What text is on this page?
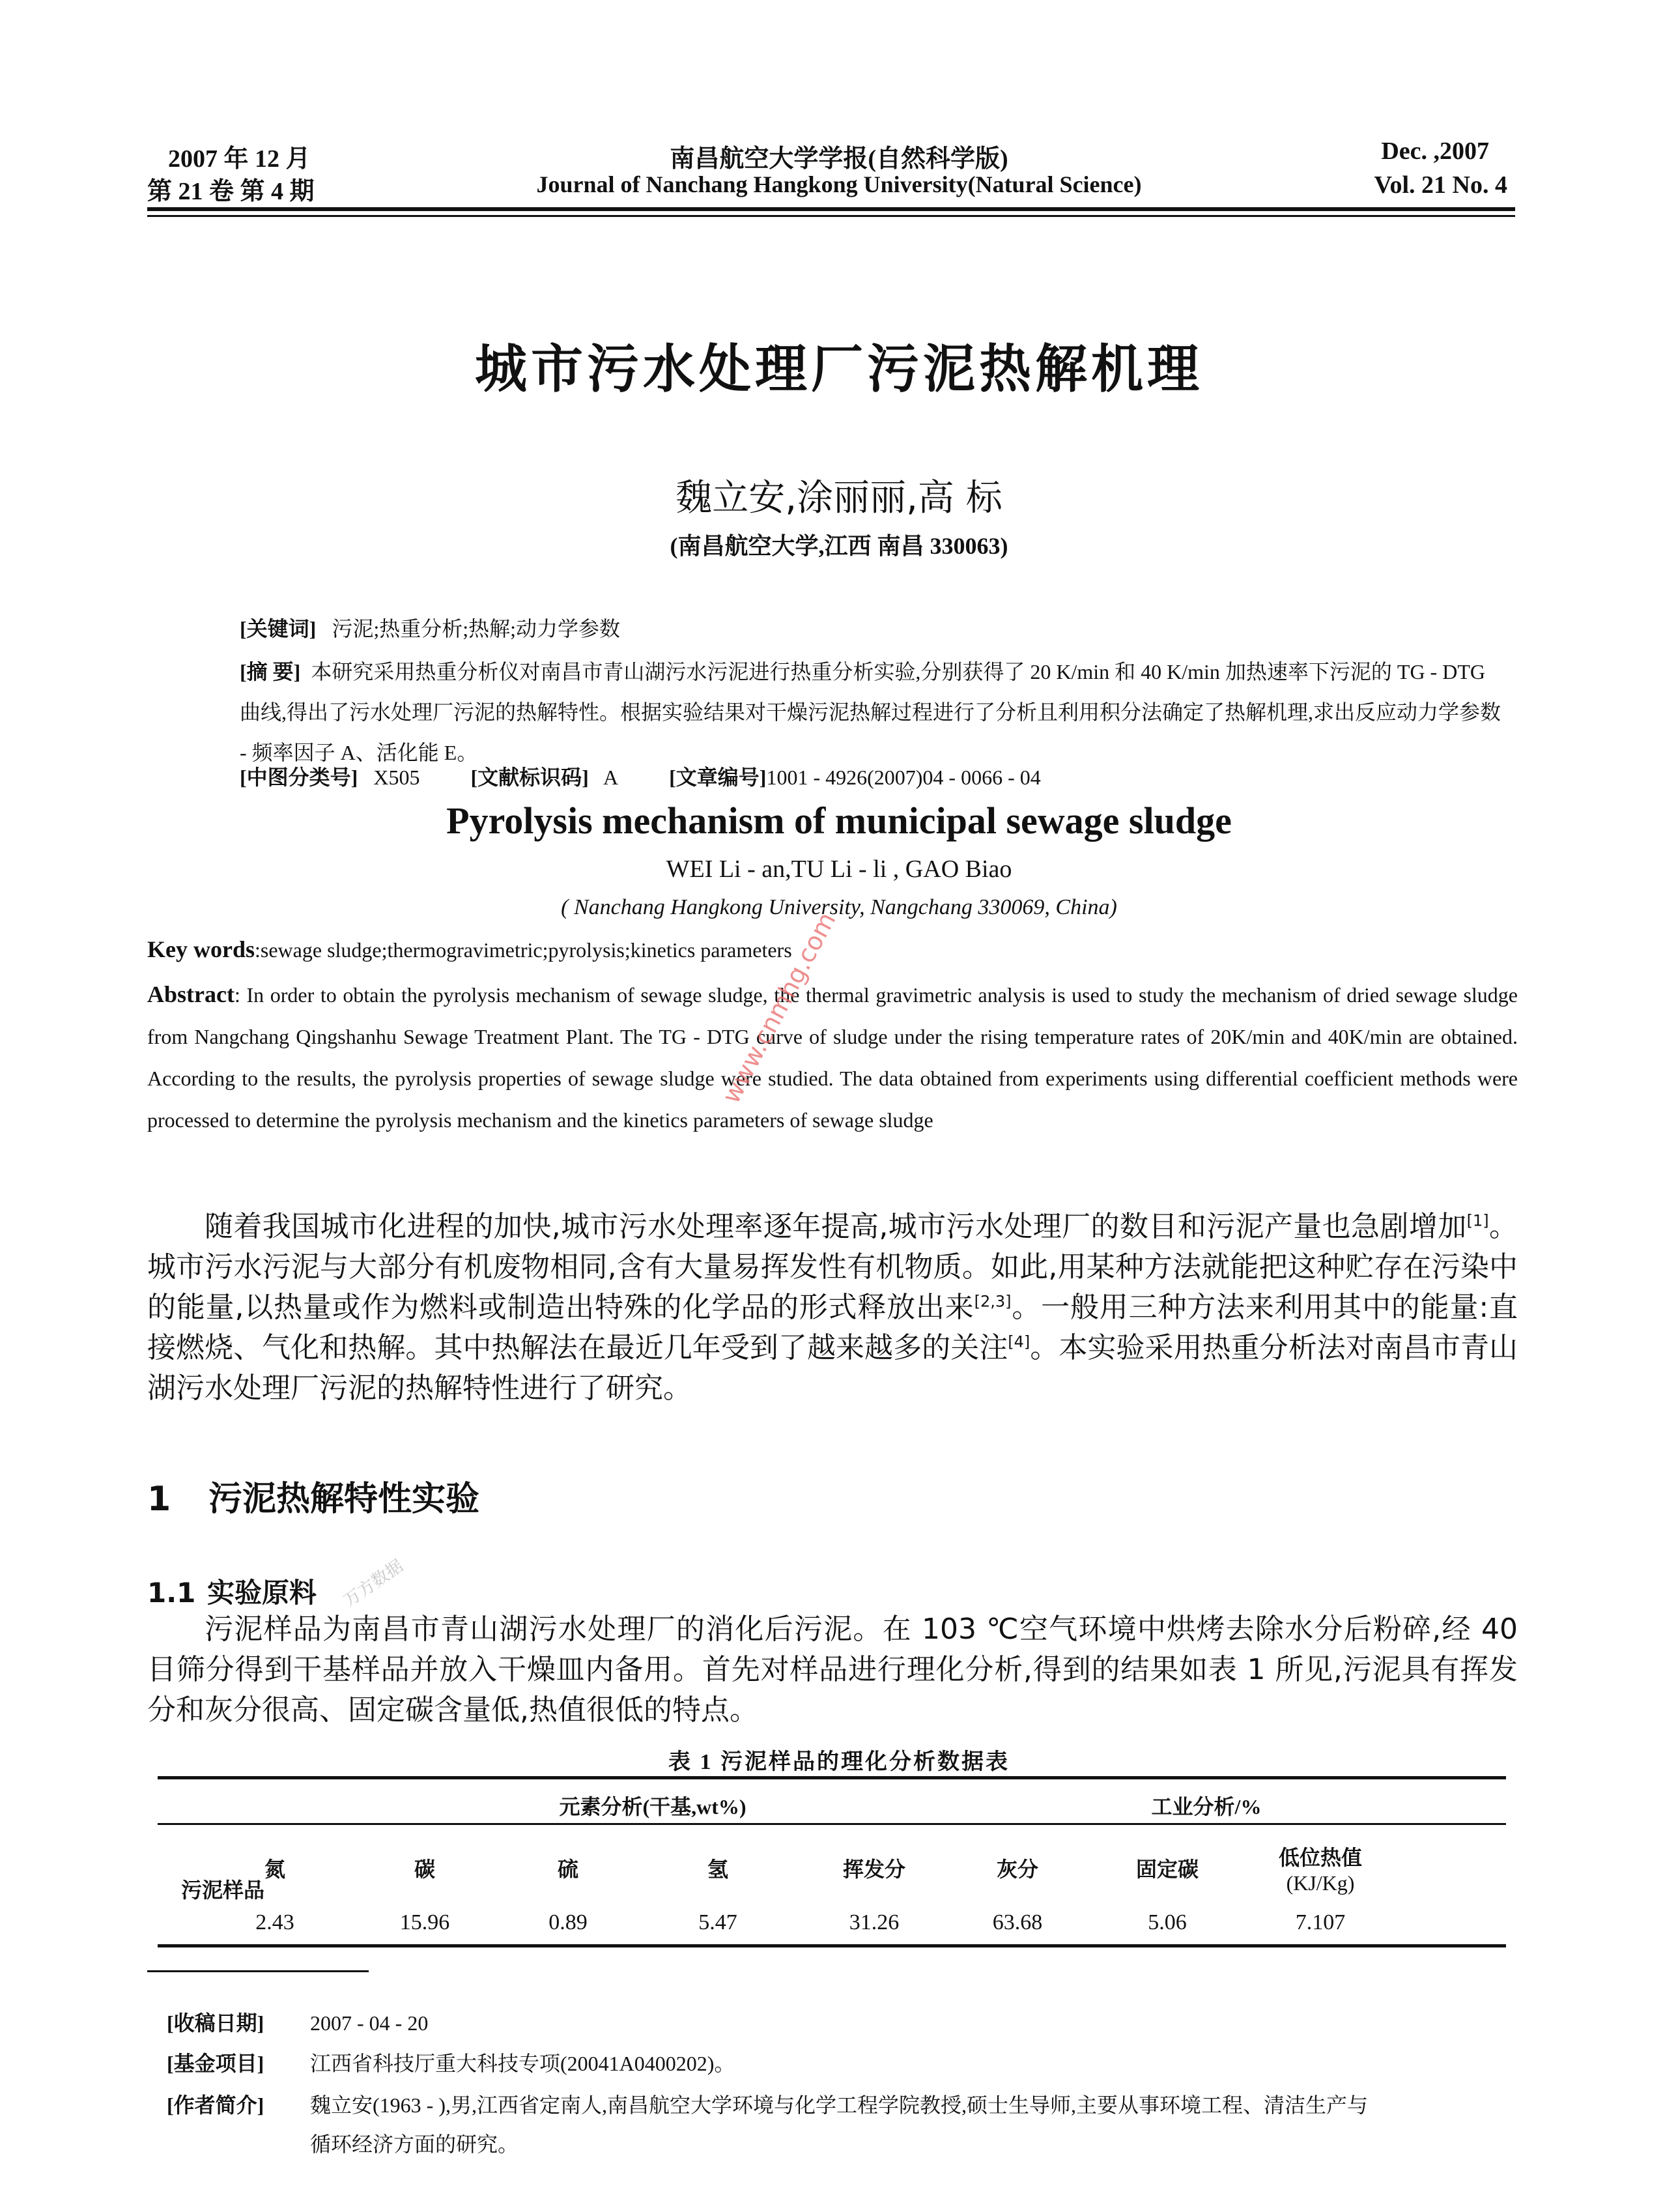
2007 年 12 月
第 21 卷 第 4 期
南昌航空大学学报(自然科学版)
Journal of Nanchang Hangkong University(Natural Science)
Dec. ,2007
Vol. 21 No. 4
城市污水处理厂污泥热解机理
魏立安,涂丽丽,高 标
(南昌航空大学,江西 南昌 330063)
[关键词] 污泥;热重分析;热解;动力学参数
[摘 要] 本研究采用热重分析仪对南昌市青山湖污水污泥进行热重分析实验,分别获得了 20 K/min 和 40 K/min 加热速率下污泥的 TG - DTG 曲线,得出了污水处理厂污泥的热解特性。根据实验结果对干燥污泥热解过程进行了分析且利用积分法确定了热解机理,求出反应动力学参数 - 频率因子 A、活化能 E。
[中图分类号] X505 [文献标识码] A [文章编号]1001 - 4926(2007)04 - 0066 - 04
Pyrolysis mechanism of municipal sewage sludge
WEI Li - an,TU Li - li , GAO Biao
( Nanchang Hangkong University, Nangchang 330069, China)
Key words:sewage sludge;thermogravimetric;pyrolysis;kinetics parameters
Abstract: In order to obtain the pyrolysis mechanism of sewage sludge, the thermal gravimetric analysis is used to study the mechanism of dried sewage sludge from Nangchang Qingshanhu Sewage Treatment Plant. The TG - DTG curve of sludge under the rising temperature rates of 20K/min and 40K/min are obtained. According to the results, the pyrolysis properties of sewage sludge were studied. The data obtained from experiments using differential coefficient methods were processed to determine the pyrolysis mechanism and the kinetics parameters of sewage sludge
www.cnmhg.com
随着我国城市化进程的加快,城市污水处理率逐年提高,城市污水处理厂的数目和污泥产量也急剧增加[1]。城市污水污泥与大部分有机废物相同,含有大量易挥发性有机物质。如此,用某种方法就能把这种贮存在污染中的能量,以热量或作为燃料或制造出特殊的化学品的形式释放出来[2,3]。一般用三种方法来利用其中的能量:直接燃烧、气化和热解。其中热解法在最近几年受到了越来越多的关注[4]。本实验采用热重分析法对南昌市青山湖污水处理厂污泥的热解特性进行了研究。
1 污泥热解特性实验
1.1 实验原料 万方数据
污泥样品为南昌市青山湖污水处理厂的消化后污泥。在 103 ℃空气环境中烘烤去除水分后粉碎,经 40 目筛分得到干基样品并放入干燥皿内备用。首先对样品进行理化分析,得到的结果如表 1 所见,污泥具有挥发分和灰分很高、固定碳含量低,热值很低的特点。
表 1 污泥样品的理化分析数据表
元素分析(干基,wt%)	工业分析/%
污泥样品
氮	碳	硫	氢	挥发分	灰分	固定碳	低位热值
(KJ/Kg)
2.43	15.96	0.89	5.47	31.26	63.68	5.06	7.107
[收稿日期] 2007 - 04 - 20
[基金项目] 江西省科技厅重大科技专项(20041A0400202)。
[作者简介] 魏立安(1963 - ),男,江西省定南人,南昌航空大学环境与化学工程学院教授,硕士生导师,主要从事环境工程、清洁生产与
循环经济方面的研究。
